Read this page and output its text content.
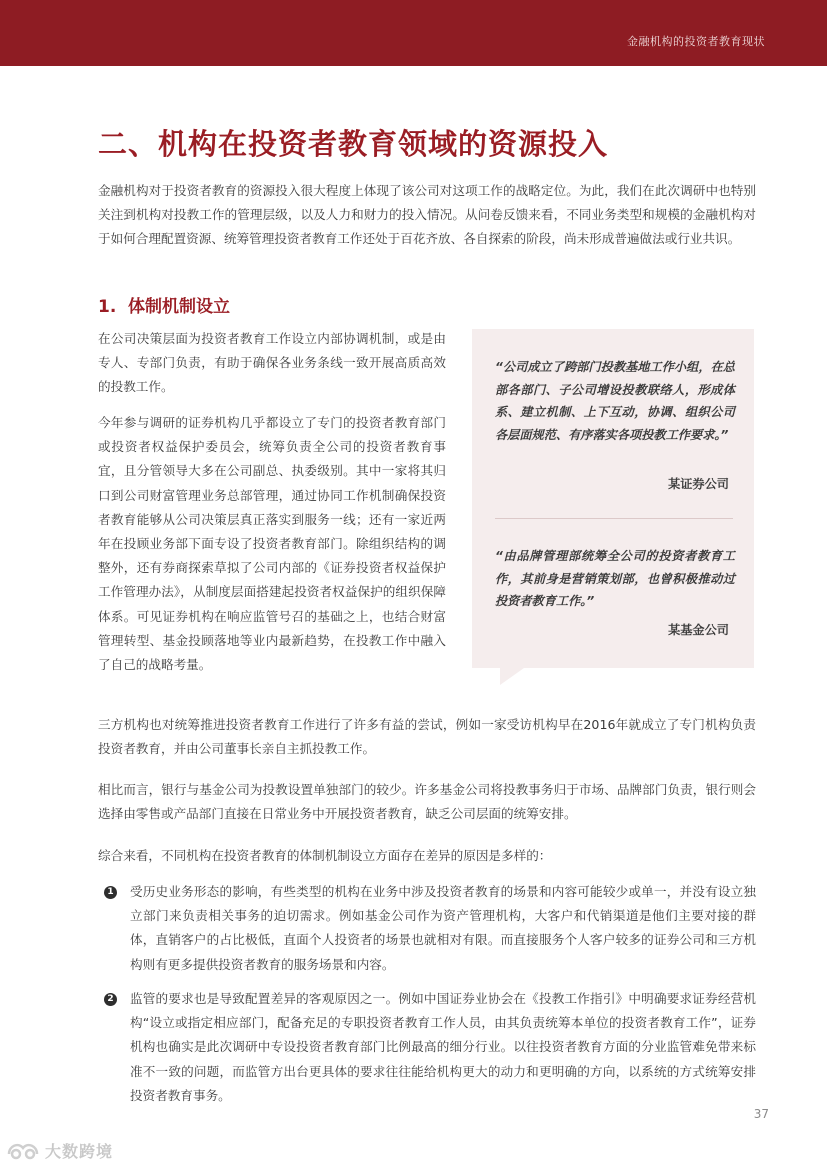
金融机构的投资者教育现状
二、机构在投资者教育领域的资源投入

金融机构对于投资者教育的资源投入很大程度上体现了该公司对这项工作的战略定位。为此，我们在此次调研中也特别关注到机构对投教工作的管理层级，以及人力和财力的投入情况。从问卷反馈来看，不同业务类型和规模的金融机构对于如何合理配置资源、统筹管理投资者教育工作还处于百花齐放、各自探索的阶段，尚未形成普遍做法或行业共识。

1. 体制机制设立

在公司决策层面为投资者教育工作设立内部协调机制，或是由专人、专部门负责，有助于确保各业务条线一致开展高质高效的投教工作。

今年参与调研的证券机构几乎都设立了专门的投资者教育部门或投资者权益保护委员会，统筹负责全公司的投资者教育事宜，且分管领导大多在公司副总、执委级别。其中一家将其归口到公司财富管理业务总部管理，通过协同工作机制确保投资者教育能够从公司决策层真正落实到服务一线；还有一家近两年在投顾业务部下面专设了投资者教育部门。除组织结构的调整外，还有券商探索草拟了公司内部的《证券投资者权益保护工作管理办法》，从制度层面搭建起投资者权益保护的组织保障体系。可见证券机构在响应监管号召的基础之上，也结合财富管理转型、基金投顾落地等业内最新趋势，在投教工作中融入了自己的战略考量。

“公司成立了跨部门投教基地工作小组，在总部各部门、子公司增设投教联络人，形成体系、建立机制、上下互动，协调、组织公司各层面规范、有序落实各项投教工作要求。”

某证券公司

“由品牌管理部统筹全公司的投资者教育工作，其前身是营销策划部，也曾积极推动过投资者教育工作。”

某基金公司

三方机构也对统筹推进投资者教育工作进行了许多有益的尝试，例如一家受访机构早在2016年就成立了专门机构负责投资者教育，并由公司董事长亲自主抓投教工作。

相比而言，银行与基金公司为投教设置单独部门的较少。许多基金公司将投教事务归于市场、品牌部门负责，银行则会选择由零售或产品部门直接在日常业务中开展投资者教育，缺乏公司层面的统筹安排。

综合来看，不同机构在投资者教育的体制机制设立方面存在差异的原因是多样的：

1 受历史业务形态的影响，有些类型的机构在业务中涉及投资者教育的场景和内容可能较少或单一，并没有设立独立部门来负责相关事务的迫切需求。例如基金公司作为资产管理机构，大客户和代销渠道是他们主要对接的群体，直销客户的占比极低，直面个人投资者的场景也就相对有限。而直接服务个人客户较多的证券公司和三方机构则有更多提供投资者教育的服务场景和内容。

2 监管的要求也是导致配置差异的客观原因之一。例如中国证券业协会在《投教工作指引》中明确要求证券经营机构“设立或指定相应部门，配备充足的专职投资者教育工作人员，由其负责统筹本单位的投资者教育工作”，证券机构也确实是此次调研中专设投资者教育部门比例最高的细分行业。以往投资者教育方面的分业监管难免带来标准不一致的问题，而监管方出台更具体的要求往往能给机构更大的动力和更明确的方向，以系统的方式统筹安排投资者教育事务。

37
大数跨境
